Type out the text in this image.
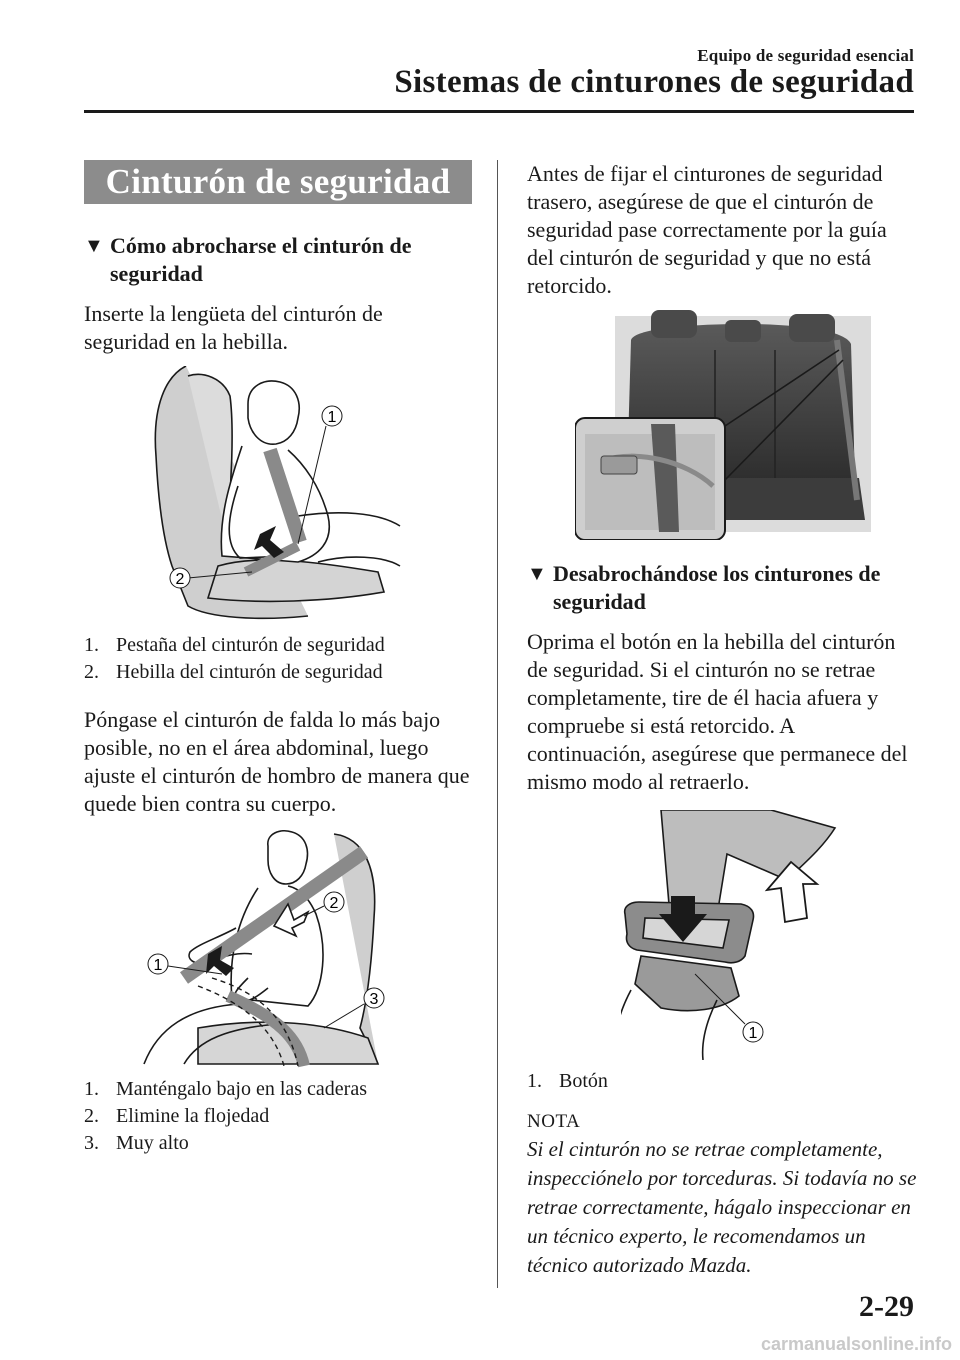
Equipo de seguridad esencial
Sistemas de cinturones de seguridad
Cinturón de seguridad
▼ Cómo abrocharse el cinturón de seguridad

Inserte la lengüeta del cinturón de seguridad en la hebilla.

1
2
1. Pestaña del cinturón de seguridad
2. Hebilla del cinturón de seguridad

Póngase el cinturón de falda lo más bajo posible, no en el área abdominal, luego ajuste el cinturón de hombro de manera que quede bien contra su cuerpo.

1
2
3
1. Manténgalo bajo en las caderas
2. Elimine la flojedad
3. Muy alto

Antes de fijar el cinturones de seguridad trasero, asegúrese de que el cinturón de seguridad pase correctamente por la guía del cinturón de seguridad y que no está retorcido.

▼ Desabrochándose los cinturones de seguridad

Oprima el botón en la hebilla del cinturón de seguridad. Si el cinturón no se retrae completamente, tire de él hacia afuera y compruebe si está retorcido. A continuación, asegúrese que permanece del mismo modo al retraerlo.

1
1. Botón
NOTA

Si el cinturón no se retrae completamente, inspecciónelo por torceduras. Si todavía no se retrae correctamente, hágalo inspeccionar en un técnico experto, le recomendamos un técnico autorizado Mazda.

2-29
carmanualsonline.info
